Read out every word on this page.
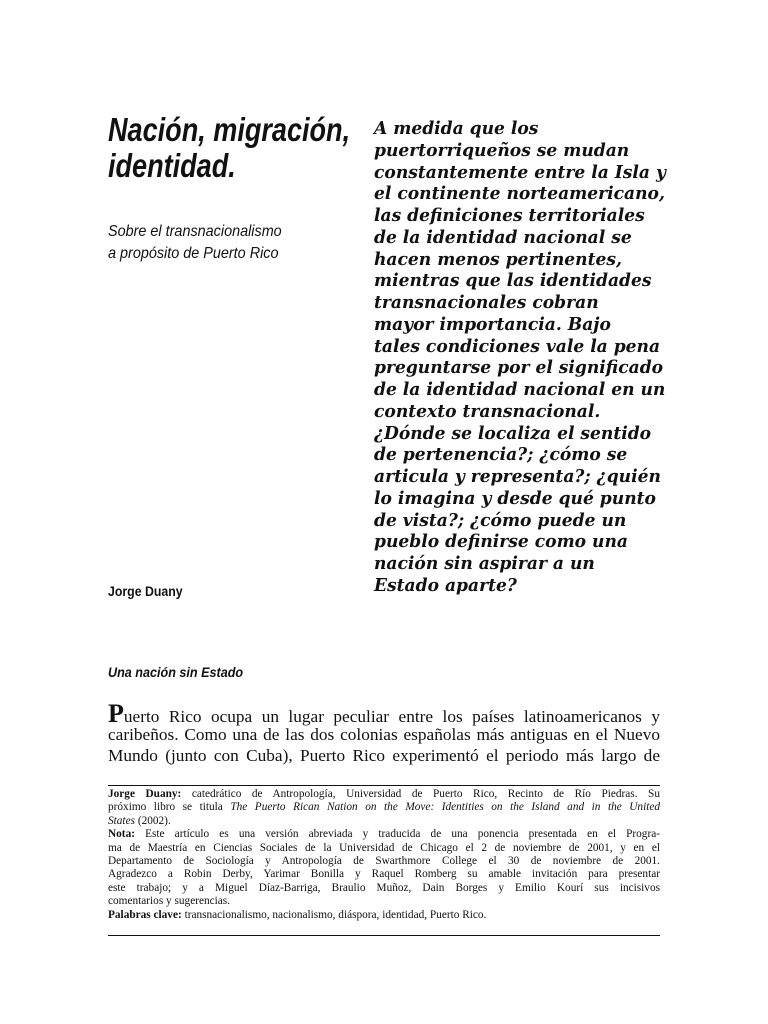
Nación, migración,
identidad.
Sobre el transnacionalismo
a propósito de Puerto Rico
A medida que los
puertorriqueños se mudan
constantemente entre la Isla y
el continente norteamericano,
las definiciones territoriales
de la identidad nacional se
hacen menos pertinentes,
mientras que las identidades
transnacionales cobran
mayor importancia. Bajo
tales condiciones vale la pena
preguntarse por el significado
de la identidad nacional en un
contexto transnacional.
¿Dónde se localiza el sentido
de pertenencia?; ¿cómo se
articula y representa?; ¿quién
lo imagina y desde qué punto
de vista?; ¿cómo puede un
pueblo definirse como una
nación sin aspirar a un
Estado aparte?
Jorge Duany
Una nación sin Estado
Puerto Rico ocupa un lugar peculiar entre los países latinoamericanos y
caribeños. Como una de las dos colonias españolas más antiguas en el Nuevo
Mundo (junto con Cuba), Puerto Rico experimentó el periodo más largo de
Jorge Duany: catedrático de Antropología, Universidad de Puerto Rico, Recinto de Río Piedras. Su
próximo libro se titula The Puerto Rican Nation on the Move: Identities on the Island and in the United
States (2002).
Nota: Este artículo es una versión abreviada y traducida de una ponencia presentada en el Progra-
ma de Maestría en Ciencias Sociales de la Universidad de Chicago el 2 de noviembre de 2001, y en el
Departamento de Sociología y Antropología de Swarthmore College el 30 de noviembre de 2001.
Agradezco a Robin Derby, Yarimar Bonilla y Raquel Romberg su amable invitación para presentar
este trabajo; y a Miguel Díaz-Barriga, Braulio Muñoz, Dain Borges y Emilio Kourí sus incisivos
comentarios y sugerencias.
Palabras clave: transnacionalismo, nacionalismo, diáspora, identidad, Puerto Rico.
